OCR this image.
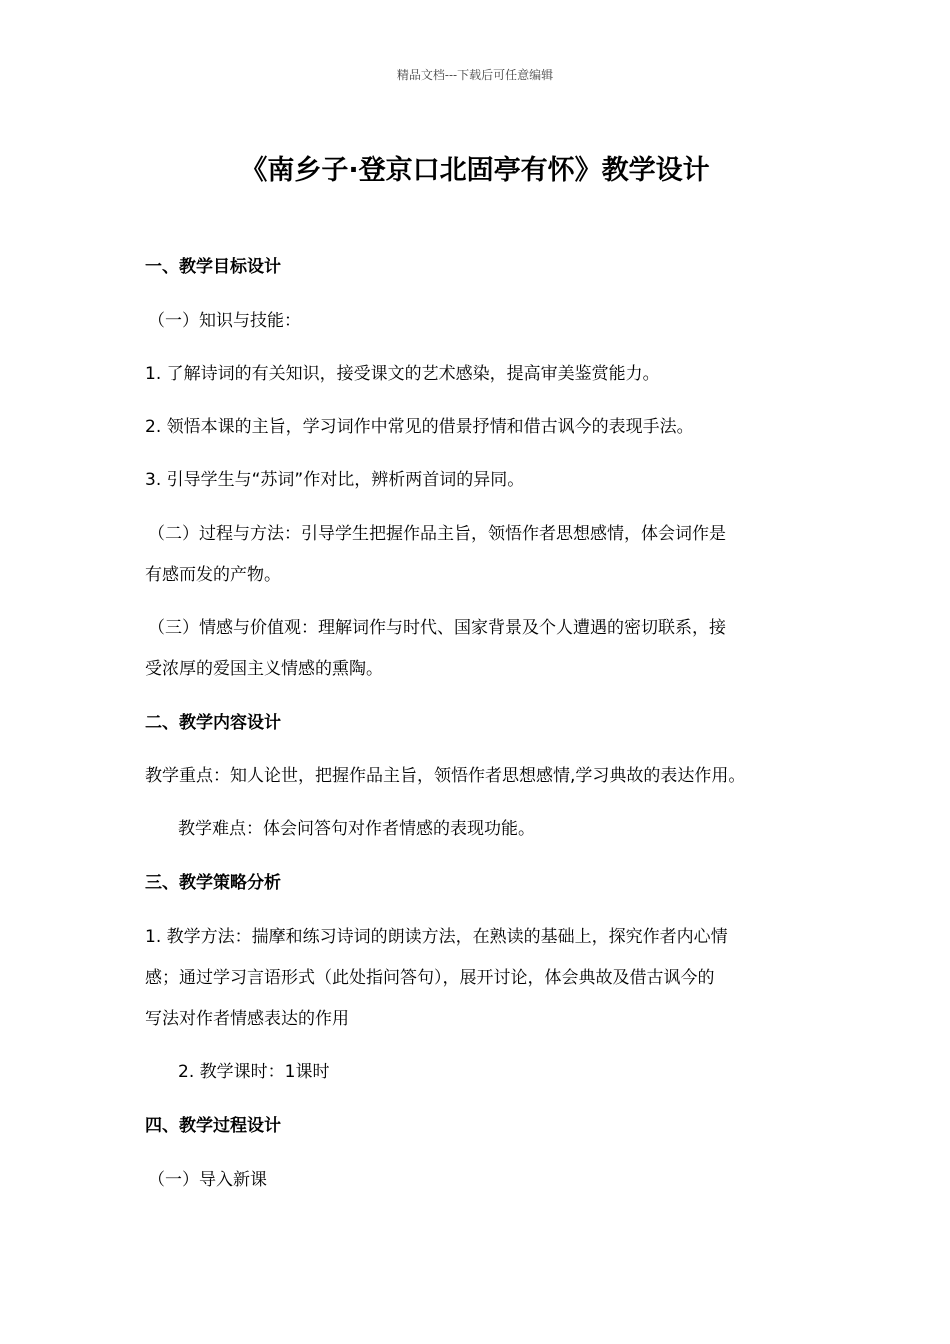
精品文档---下载后可任意编辑
《南乡子·登京口北固亭有怀》教学设计

一、教学目标设计

（一）知识与技能：

1. 了解诗词的有关知识，接受课文的艺术感染，提高审美鉴赏能力。

2. 领悟本课的主旨，学习词作中常见的借景抒情和借古讽今的表现手法。

3. 引导学生与“苏词”作对比，辨析两首词的异同。

（二）过程与方法：引导学生把握作品主旨，领悟作者思想感情，体会词作是

有感而发的产物。

（三）情感与价值观：理解词作与时代、国家背景及个人遭遇的密切联系，接

受浓厚的爱国主义情感的熏陶。

二、教学内容设计

教学重点：知人论世，把握作品主旨，领悟作者思想感情,学习典故的表达作用。

教学难点：体会问答句对作者情感的表现功能。

三、教学策略分析

1. 教学方法：揣摩和练习诗词的朗读方法，在熟读的基础上，探究作者内心情

感；通过学习言语形式（此处指问答句），展开讨论，体会典故及借古讽今的

写法对作者情感表达的作用

2. 教学课时：1课时

四、教学过程设计

（一）导入新课
